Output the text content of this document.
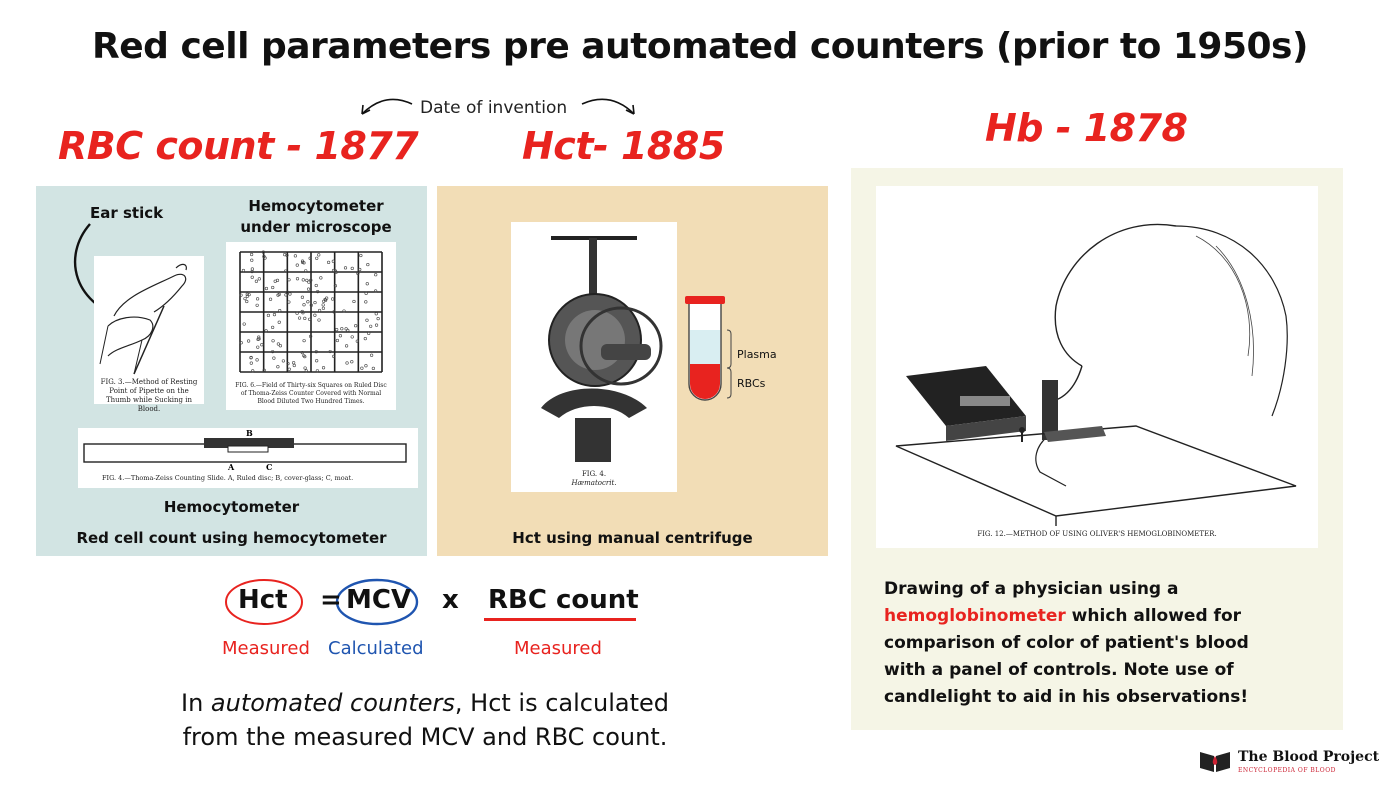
Red cell parameters pre automated counters (prior to 1950s)
Date of invention
RBC count - 1877	Hct- 1885	Hb - 1878
Ear stick	Hemocytometer under microscope
FIG. 3.—Method of Resting Point of Pipette on the Thumb while Sucking in Blood.
FIG. 6.—Field of Thirty-six Squares on Ruled Disc of Thoma-Zeiss Counter Covered with Normal Blood Diluted Two Hundred Times.
B
A	C
FIG. 4.—Thoma-Zeiss Counting Slide. A, Ruled disc; B, cover-glass; C, moat.
Hemocytometer
Red cell count using hemocytometer
FIG. 4.
Hæmatocrit.
Plasma
RBCs
Hct using manual centrifuge
Hct = MCV x RBC count
Measured Calculated	Measured
In automated counters, Hct is calculated
from the measured MCV and RBC count.
FIG. 12.—METHOD OF USING OLIVER'S HEMOGLOBINOMETER.
Drawing of a physician using a
hemoglobinometer which allowed for
comparison of color of patient's blood
with a panel of controls. Note use of
candlelight to aid in his observations!
The Blood Project
ENCYCLOPEDIA OF BLOOD
